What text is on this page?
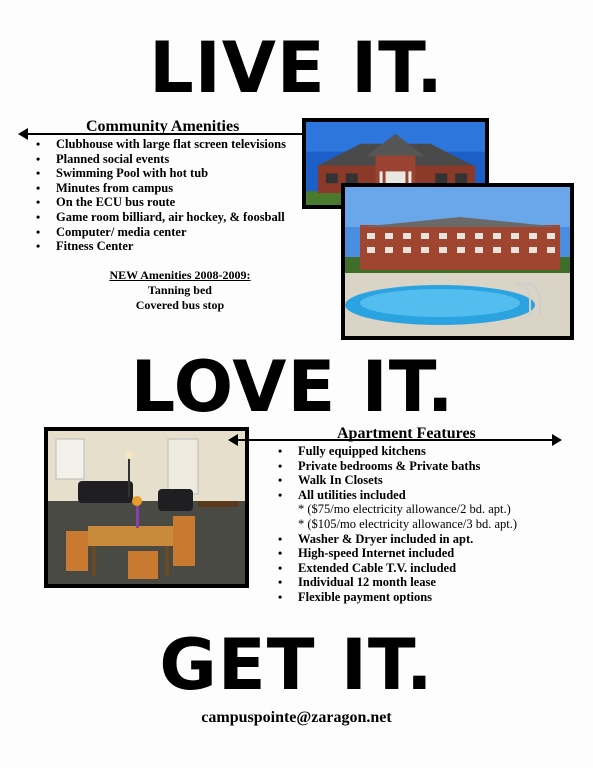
LIVE IT.
Community Amenities
• Clubhouse with large flat screen televisions
• Planned social events
• Swimming Pool with hot tub
• Minutes from campus
• On the ECU bus route
• Game room billiard, air hockey, & foosball
• Computer/ media center
• Fitness Center
NEW Amenities 2008-2009:
Tanning bed
Covered bus stop
LOVE IT.
Apartment Features
• Fully equipped kitchens
• Private bedrooms & Private baths
• Walk In Closets
• All utilities included
* ($75/mo electricity allowance/2 bd. apt.)
* ($105/mo electricity allowance/3 bd. apt.)
• Washer & Dryer included in apt.
• High-speed Internet included
• Extended Cable T.V. included
• Individual 12 month lease
• Flexible payment options
GET IT.
campuspointe@zaragon.net
